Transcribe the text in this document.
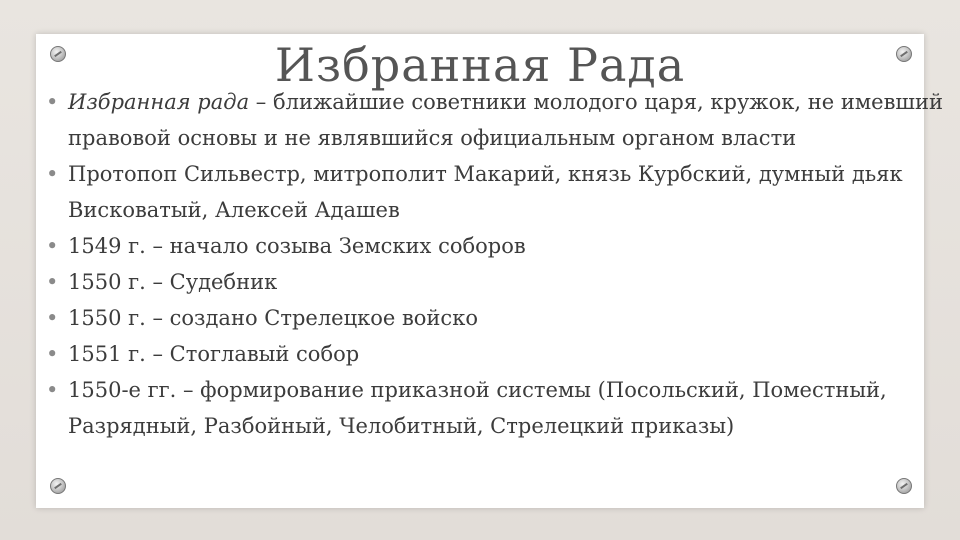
Избранная Рада
• Избранная рада – ближайшие советники молодого царя, кружок, не имевший правовой основы и не являвшийся официальным органом власти
• Протопоп Сильвестр, митрополит Макарий, князь Курбский, думный дьяк Висковатый, Алексей Адашев
• 1549 г. – начало созыва Земских соборов
• 1550 г. – Судебник
• 1550 г. – создано Стрелецкое войско
• 1551 г. – Стоглавый собор
• 1550-е гг. – формирование приказной системы (Посольский, Поместный, Разрядный, Разбойный, Челобитный, Стрелецкий приказы)
